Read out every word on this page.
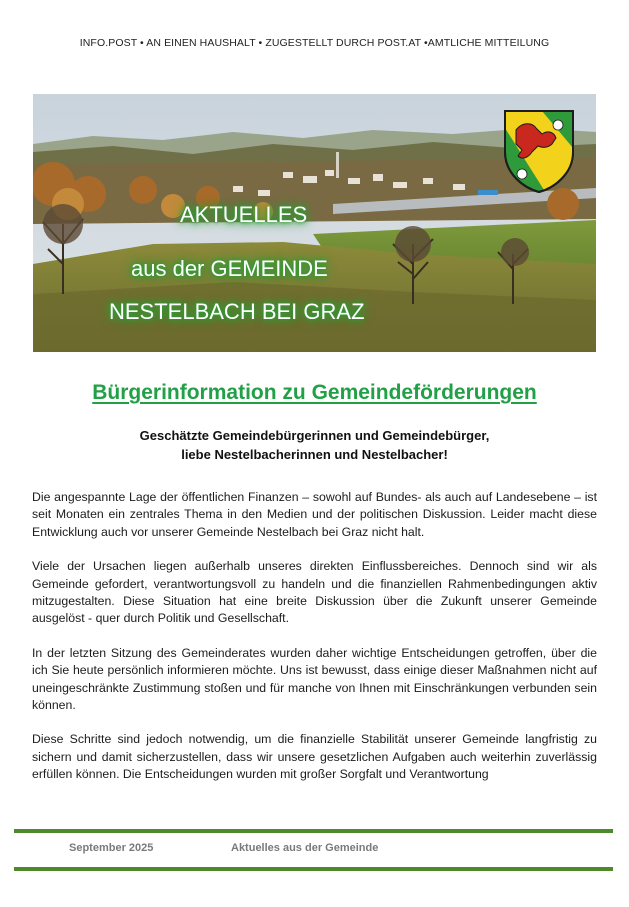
INFO.POST • AN EINEN HAUSHALT • ZUGESTELLT DURCH POST.AT •AMTLICHE MITTEILUNG
AKTUELLES
aus der GEMEINDE
NESTELBACH BEI GRAZ
Bürgerinformation zu Gemeindeförderungen
Geschätzte Gemeindebürgerinnen und Gemeindebürger,
liebe Nestelbacherinnen und Nestelbacher!

Die angespannte Lage der öffentlichen Finanzen – sowohl auf Bundes- als auch auf Landesebene – ist seit Monaten ein zentrales Thema in den Medien und der politischen Diskussion. Leider macht diese Entwicklung auch vor unserer Gemeinde Nestelbach bei Graz nicht halt.

Viele der Ursachen liegen außerhalb unseres direkten Einflussbereiches. Dennoch sind wir als Gemeinde gefordert, verantwortungsvoll zu handeln und die finanziellen Rahmenbedingungen aktiv mitzugestalten. Diese Situation hat eine breite Diskussion über die Zukunft unserer Gemeinde ausgelöst - quer durch Politik und Gesellschaft.

In der letzten Sitzung des Gemeinderates wurden daher wichtige Entscheidungen getroffen, über die ich Sie heute persönlich informieren möchte. Uns ist bewusst, dass einige dieser Maßnahmen nicht auf uneingeschränkte Zustimmung stoßen und für manche von Ihnen mit Einschränkungen verbunden sein können.

Diese Schritte sind jedoch notwendig, um die finanzielle Stabilität unserer Gemeinde langfristig zu sichern und damit sicherzustellen, dass wir unsere gesetzlichen Aufgaben auch weiterhin zuverlässig erfüllen können. Die Entscheidungen wurden mit großer Sorgfalt und Verantwortung

September 2025	Aktuelles aus der Gemeinde
